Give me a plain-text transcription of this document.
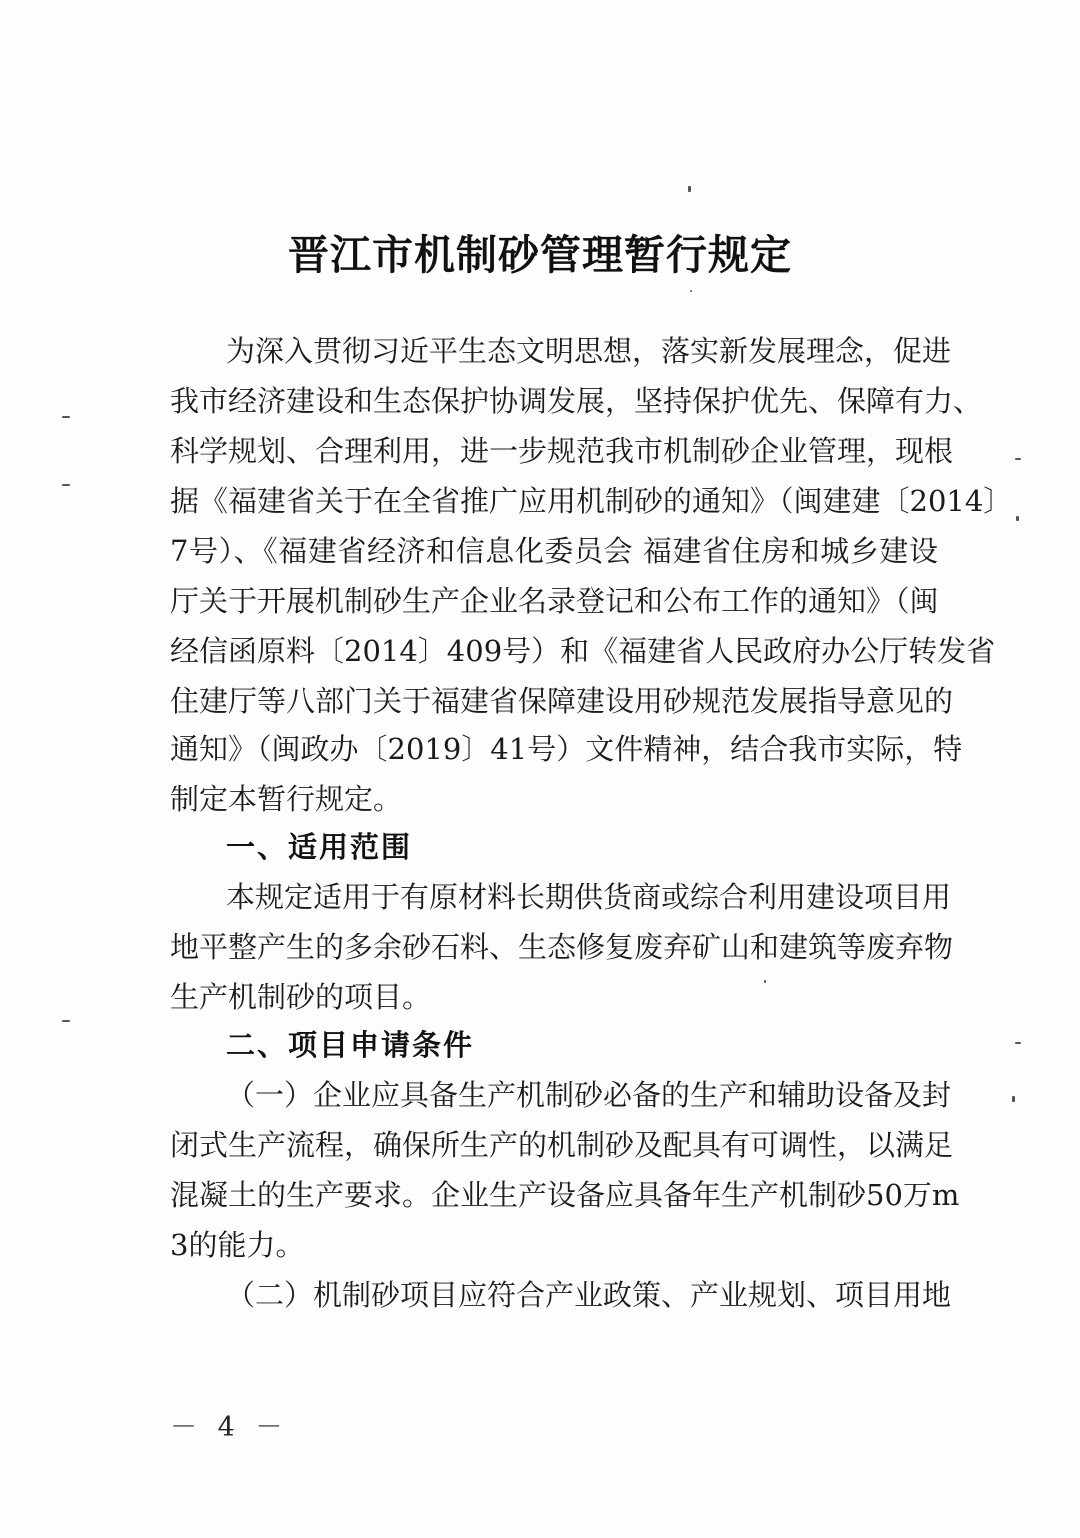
晋江市机制砂管理暂行规定
为深入贯彻习近平生态文明思想，落实新发展理念，促进
我市经济建设和生态保护协调发展，坚持保护优先、保障有力、
科学规划、合理利用，进一步规范我市机制砂企业管理，现根
据《福建省关于在全省推广应用机制砂的通知》（闽建建〔2014〕
7号）、《福建省经济和信息化委员会 福建省住房和城乡建设
厅关于开展机制砂生产企业名录登记和公布工作的通知》（闽
经信函原料〔2014〕409号）和《福建省人民政府办公厅转发省
住建厅等八部门关于福建省保障建设用砂规范发展指导意见的
通知》（闽政办〔2019〕41号）文件精神，结合我市实际，特
制定本暂行规定。
一、适用范围
本规定适用于有原材料长期供货商或综合利用建设项目用
地平整产生的多余砂石料、生态修复废弃矿山和建筑等废弃物
生产机制砂的项目。
二、项目申请条件
（一）企业应具备生产机制砂必备的生产和辅助设备及封
闭式生产流程，确保所生产的机制砂及配具有可调性，以满足
混凝土的生产要求。企业生产设备应具备年生产机制砂50万m
3的能力。
（二）机制砂项目应符合产业政策、产业规划、项目用地
－ 4 －
